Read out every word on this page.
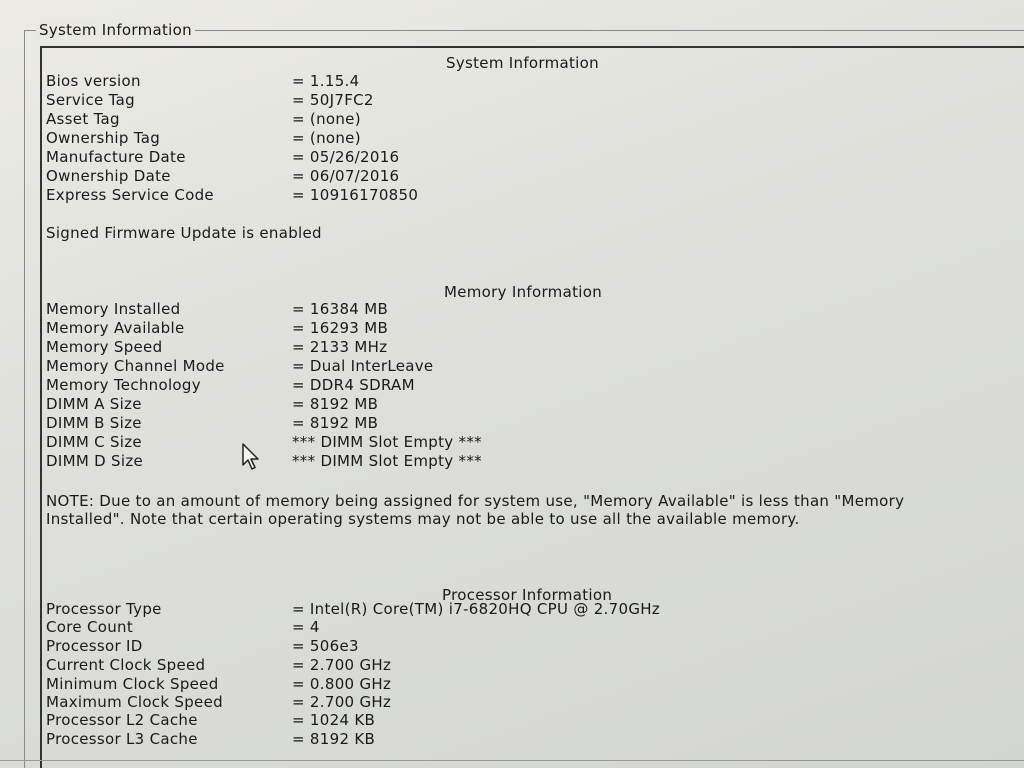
System Information
System Information
Bios version	= 1.15.4
Service Tag	= 50J7FC2
Asset Tag	= (none)
Ownership Tag	= (none)
Manufacture Date	= 05/26/2016
Ownership Date	= 06/07/2016
Express Service Code	= 10916170850
Signed Firmware Update is enabled
Memory Information
Memory Installed	= 16384 MB
Memory Available	= 16293 MB
Memory Speed	= 2133 MHz
Memory Channel Mode	= Dual InterLeave
Memory Technology	= DDR4 SDRAM
DIMM A Size	= 8192 MB
DIMM B Size	= 8192 MB
DIMM C Size	*** DIMM Slot Empty ***
DIMM D Size	*** DIMM Slot Empty ***
NOTE: Due to an amount of memory being assigned for system use, "Memory Available" is less than "Memory Installed". Note that certain operating systems may not be able to use all the available memory.
Processor Information
Processor Type	= Intel(R) Core(TM) i7-6820HQ CPU @ 2.70GHz
Core Count	= 4
Processor ID	= 506e3
Current Clock Speed	= 2.700 GHz
Minimum Clock Speed	= 0.800 GHz
Maximum Clock Speed	= 2.700 GHz
Processor L2 Cache	= 1024 KB
Processor L3 Cache	= 8192 KB
